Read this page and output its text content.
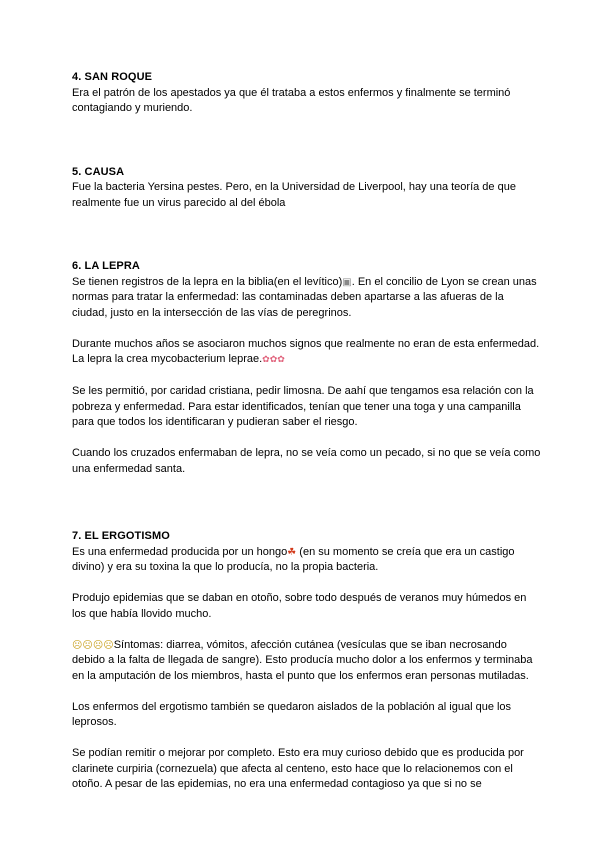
4. SAN ROQUE
Era el patrón de los apestados ya que él trataba a estos enfermos y finalmente se terminó contagiando y muriendo.
5. CAUSA
Fue la bacteria Yersina pestes. Pero, en la Universidad de Liverpool, hay una teoría de que realmente fue un virus parecido al del ébola
6. LA LEPRA
Se tienen registros de la lepra en la biblia(en el levítico)▣. En el concilio de Lyon se crean unas normas para tratar la enfermedad: las contaminadas deben apartarse a las afueras de la ciudad, justo en la intersección de las vías de peregrinos.
Durante muchos años se asociaron muchos signos que realmente no eran de esta enfermedad. La lepra la crea mycobacterium leprae.✿✿✿
Se les permitió, por caridad cristiana, pedir limosna. De aahí que tengamos esa relación con la pobreza y enfermedad. Para estar identificados, tenían que tener una toga y una campanilla para que todos los identificaran y pudieran saber el riesgo.
Cuando los cruzados enfermaban de lepra, no se veía como un pecado, si no que se veía como una enfermedad santa.
7. EL ERGOTISMO
Es una enfermedad producida por un hongo☘ (en su momento se creía que era un castigo divino) y era su toxina la que lo producía, no la propia bacteria.
Produjo epidemias que se daban en otoño, sobre todo después de veranos muy húmedos en los que había llovido mucho.
☹☹☹☹Síntomas: diarrea, vómitos, afección cutánea (vesículas que se iban necrosando debido a la falta de llegada de sangre). Esto producía mucho dolor a los enfermos y terminaba en la amputación de los miembros, hasta el punto que los enfermos eran personas mutiladas.
Los enfermos del ergotismo también se quedaron aislados de la población al igual que los leprosos.
Se podían remitir o mejorar por completo. Esto era muy curioso debido que es producida por clarinete curpiria (cornezuela) que afecta al centeno, esto hace que lo relacionemos con el otoño. A pesar de las epidemias, no era una enfermedad contagioso ya que si no se
